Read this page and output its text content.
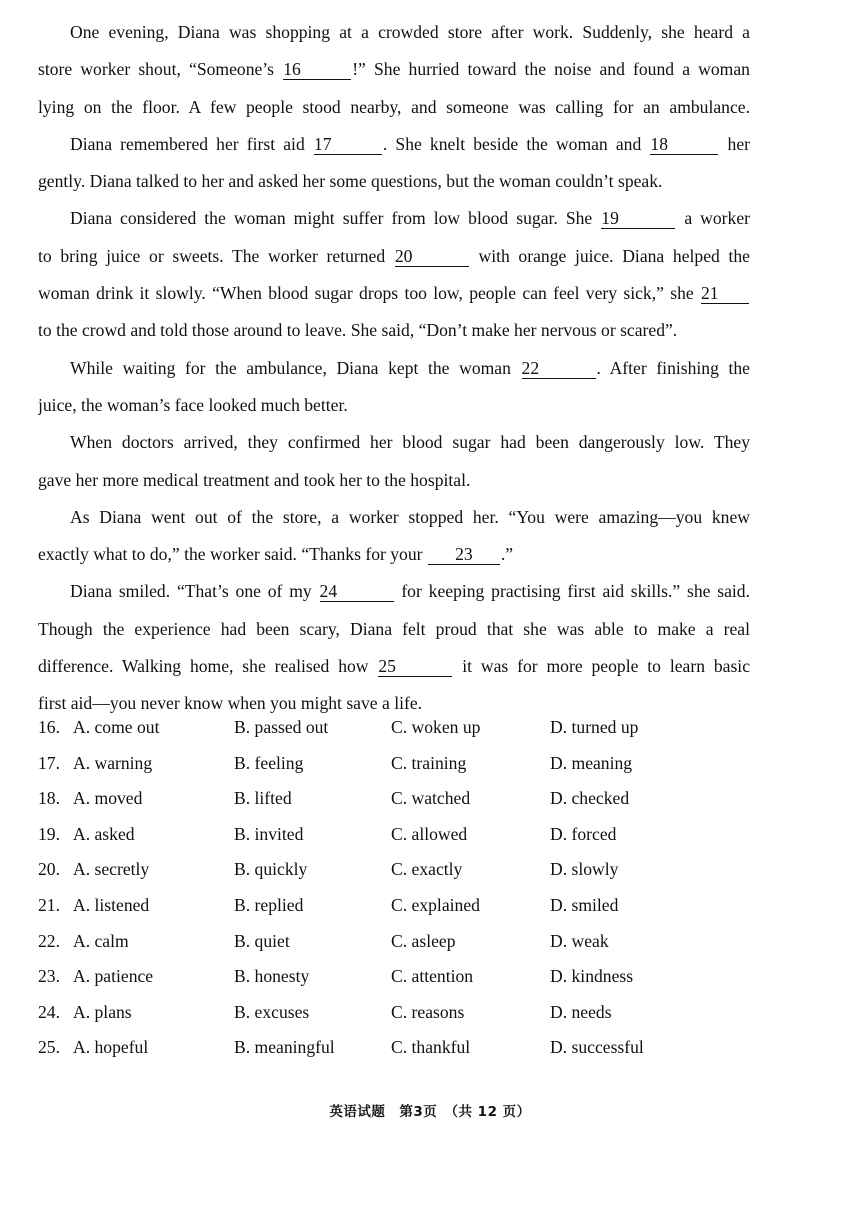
One evening, Diana was shopping at a crowded store after work. Suddenly, she heard a
store worker shout, “Someone’s 16	!” She hurried toward the noise and found a woman
lying on the floor. A few people stood nearby, and someone was calling for an ambulance.
Diana remembered her first aid 17	. She knelt beside the woman and 18	her
gently. Diana talked to her and asked her some questions, but the woman couldn’t speak.
Diana considered the woman might suffer from low blood sugar. She 19	a worker
to bring juice or sweets. The worker returned 20	with orange juice. Diana helped the
woman drink it slowly. “When blood sugar drops too low, people can feel very sick,” she 21
to the crowd and told those around to leave. She said, “Don’t make her nervous or scared”.
While waiting for the ambulance, Diana kept the woman 22	. After finishing the
juice, the woman’s face looked much better.
When doctors arrived, they confirmed her blood sugar had been dangerously low. They
gave her more medical treatment and took her to the hospital.
As Diana went out of the store, a worker stopped her. “You were amazing—you knew
exactly what to do,” the worker said. “Thanks for your 23 .”
Diana smiled. “That’s one of my 24	for keeping practising first aid skills.” she said.
Though the experience had been scary, Diana felt proud that she was able to make a real
difference. Walking home, she realised how 25	it was for more people to learn basic
first aid—you never know when you might save a life.
16. A. come out	B. passed out	C. woken up	D. turned up
17. A. warning	B. feeling	C. training	D. meaning
18. A. moved	B. lifted	C. watched	D. checked
19. A. asked	B. invited	C. allowed	D. forced
20. A. secretly	B. quickly	C. exactly	D. slowly
21. A. listened	B. replied	C. explained	D. smiled
22. A. calm	B. quiet	C. asleep	D. weak
23. A. patience	B. honesty	C. attention	D. kindness
24. A. plans	B. excuses	C. reasons	D. needs
25. A. hopeful	B. meaningful	C. thankful	D. successful
英语试题　第3页　（共 12 页）
